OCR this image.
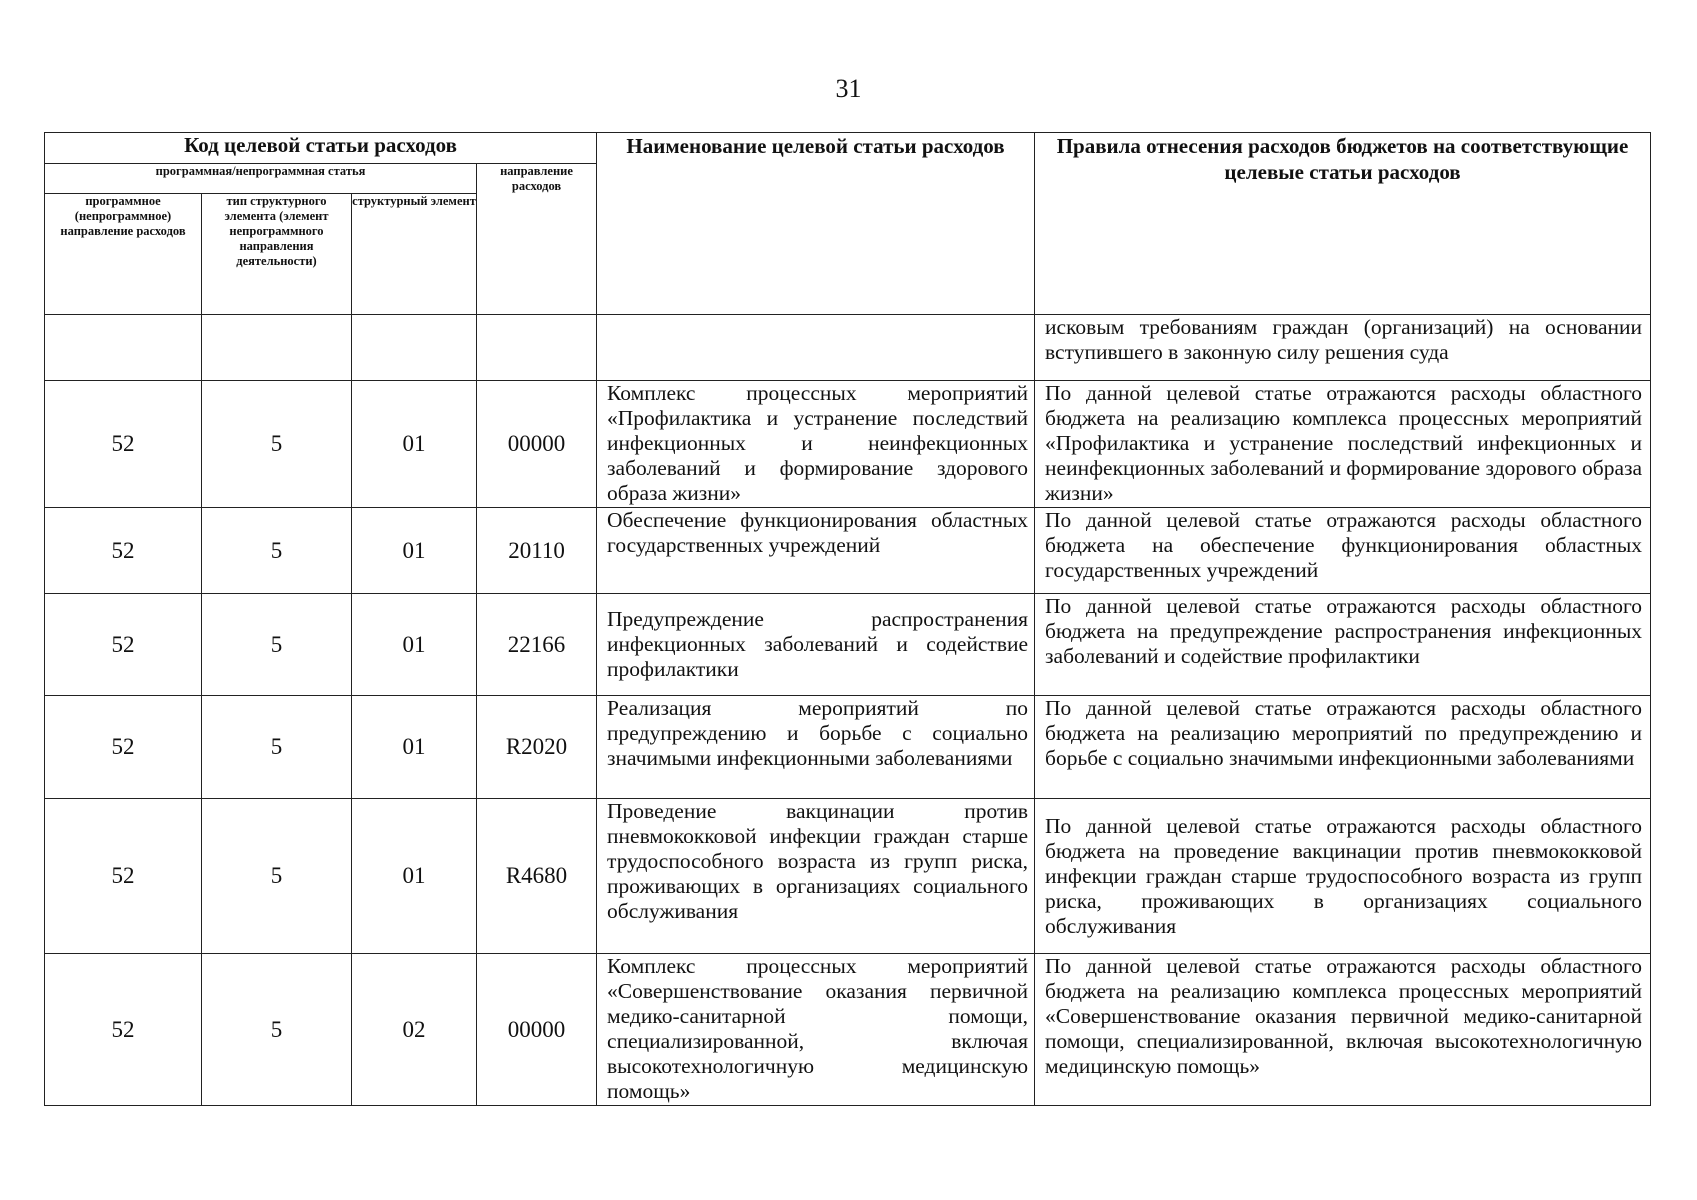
31
Код целевой статьи расходов				Наименование целевой статьи расходов	Правила отнесения расходов бюджетов на соответствующие целевые статьи расходов
программная/непрограммная статья			направление расходов		
программное (непрограммное) направление расходов	тип структурного элемента (элемент непрограммного направления деятельности)	структурный элемент			
					исковым требованиям граждан (организаций) на основании вступившего в законную силу решения суда
52	5	01	00000	Комплекс процессных мероприятий «Профилактика и устранение последствий инфекционных и неинфекционных заболеваний и формирование здорового образа жизни»	По данной целевой статье отражаются расходы областного бюджета на реализацию комплекса процессных мероприятий «Профилактика и устранение последствий инфекционных и неинфекционных заболеваний и формирование здорового образа жизни»
52	5	01	20110	Обеспечение функционирования областных государственных учреждений	По данной целевой статье отражаются расходы областного бюджета на обеспечение функционирования областных государственных учреждений
52	5	01	22166	Предупреждение распространения инфекционных заболеваний и содействие профилактики	По данной целевой статье отражаются расходы областного бюджета на предупреждение распространения инфекционных заболеваний и содействие профилактики
52	5	01	R2020	Реализация мероприятий по предупреждению и борьбе с социально значимыми инфекционными заболеваниями	По данной целевой статье отражаются расходы областного бюджета на реализацию мероприятий по предупреждению и борьбе с социально значимыми инфекционными заболеваниями
52	5	01	R4680	Проведение вакцинации против пневмококковой инфекции граждан старше трудоспособного возраста из групп риска, проживающих в организациях социального обслуживания	По данной целевой статье отражаются расходы областного бюджета на проведение вакцинации против пневмококковой инфекции граждан старше трудоспособного возраста из групп риска, проживающих в организациях социального обслуживания
52	5	02	00000	Комплекс процессных мероприятий «Совершенствование оказания первичной медико-санитарной помощи, специализированной, включая высокотехнологичную медицинскую помощь»	По данной целевой статье отражаются расходы областного бюджета на реализацию комплекса процессных мероприятий «Совершенствование оказания первичной медико-санитарной помощи, специализированной, включая высокотехнологичную медицинскую помощь»
